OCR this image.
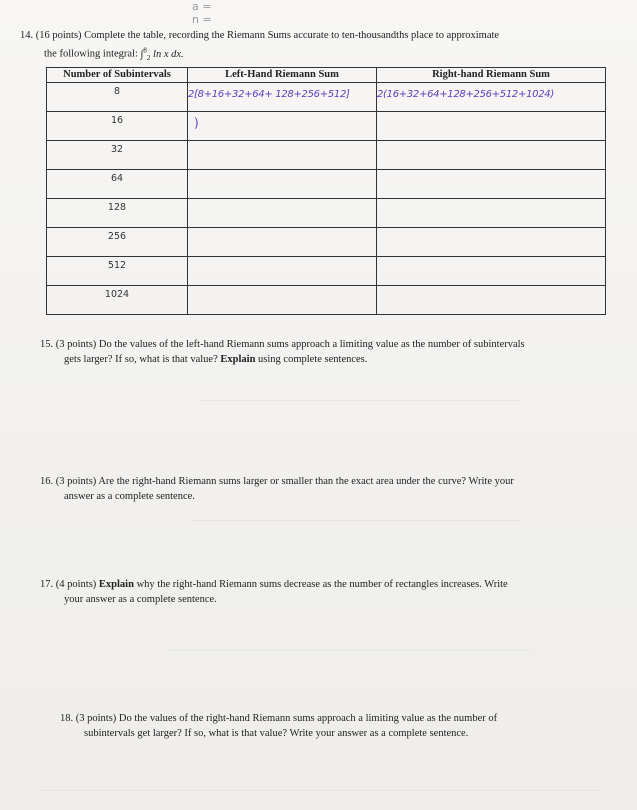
a =
n =
14. (16 points) Complete the table, recording the Riemann Sums accurate to ten-thousandths place to approximate
the following integral: ∫$^8_2$ ln x dx.
Number of Subintervals	Left-Hand Riemann Sum	Right-hand Riemann Sum
8	2[8+16+32+64+ 128+256+512]	2(16+32+64+128+256+512+1024)
16	)	
32		
64		
128		
256		
512		
1024		
15. (3 points) Do the values of the left-hand Riemann sums approach a limiting value as the number of subintervals
gets larger? If so, what is that value? Explain using complete sentences.
16. (3 points) Are the right-hand Riemann sums larger or smaller than the exact area under the curve? Write your
answer as a complete sentence.
17. (4 points) Explain why the right-hand Riemann sums decrease as the number of rectangles increases. Write
your answer as a complete sentence.
18. (3 points) Do the values of the right-hand Riemann sums approach a limiting value as the number of
subintervals get larger? If so, what is that value? Write your answer as a complete sentence.
